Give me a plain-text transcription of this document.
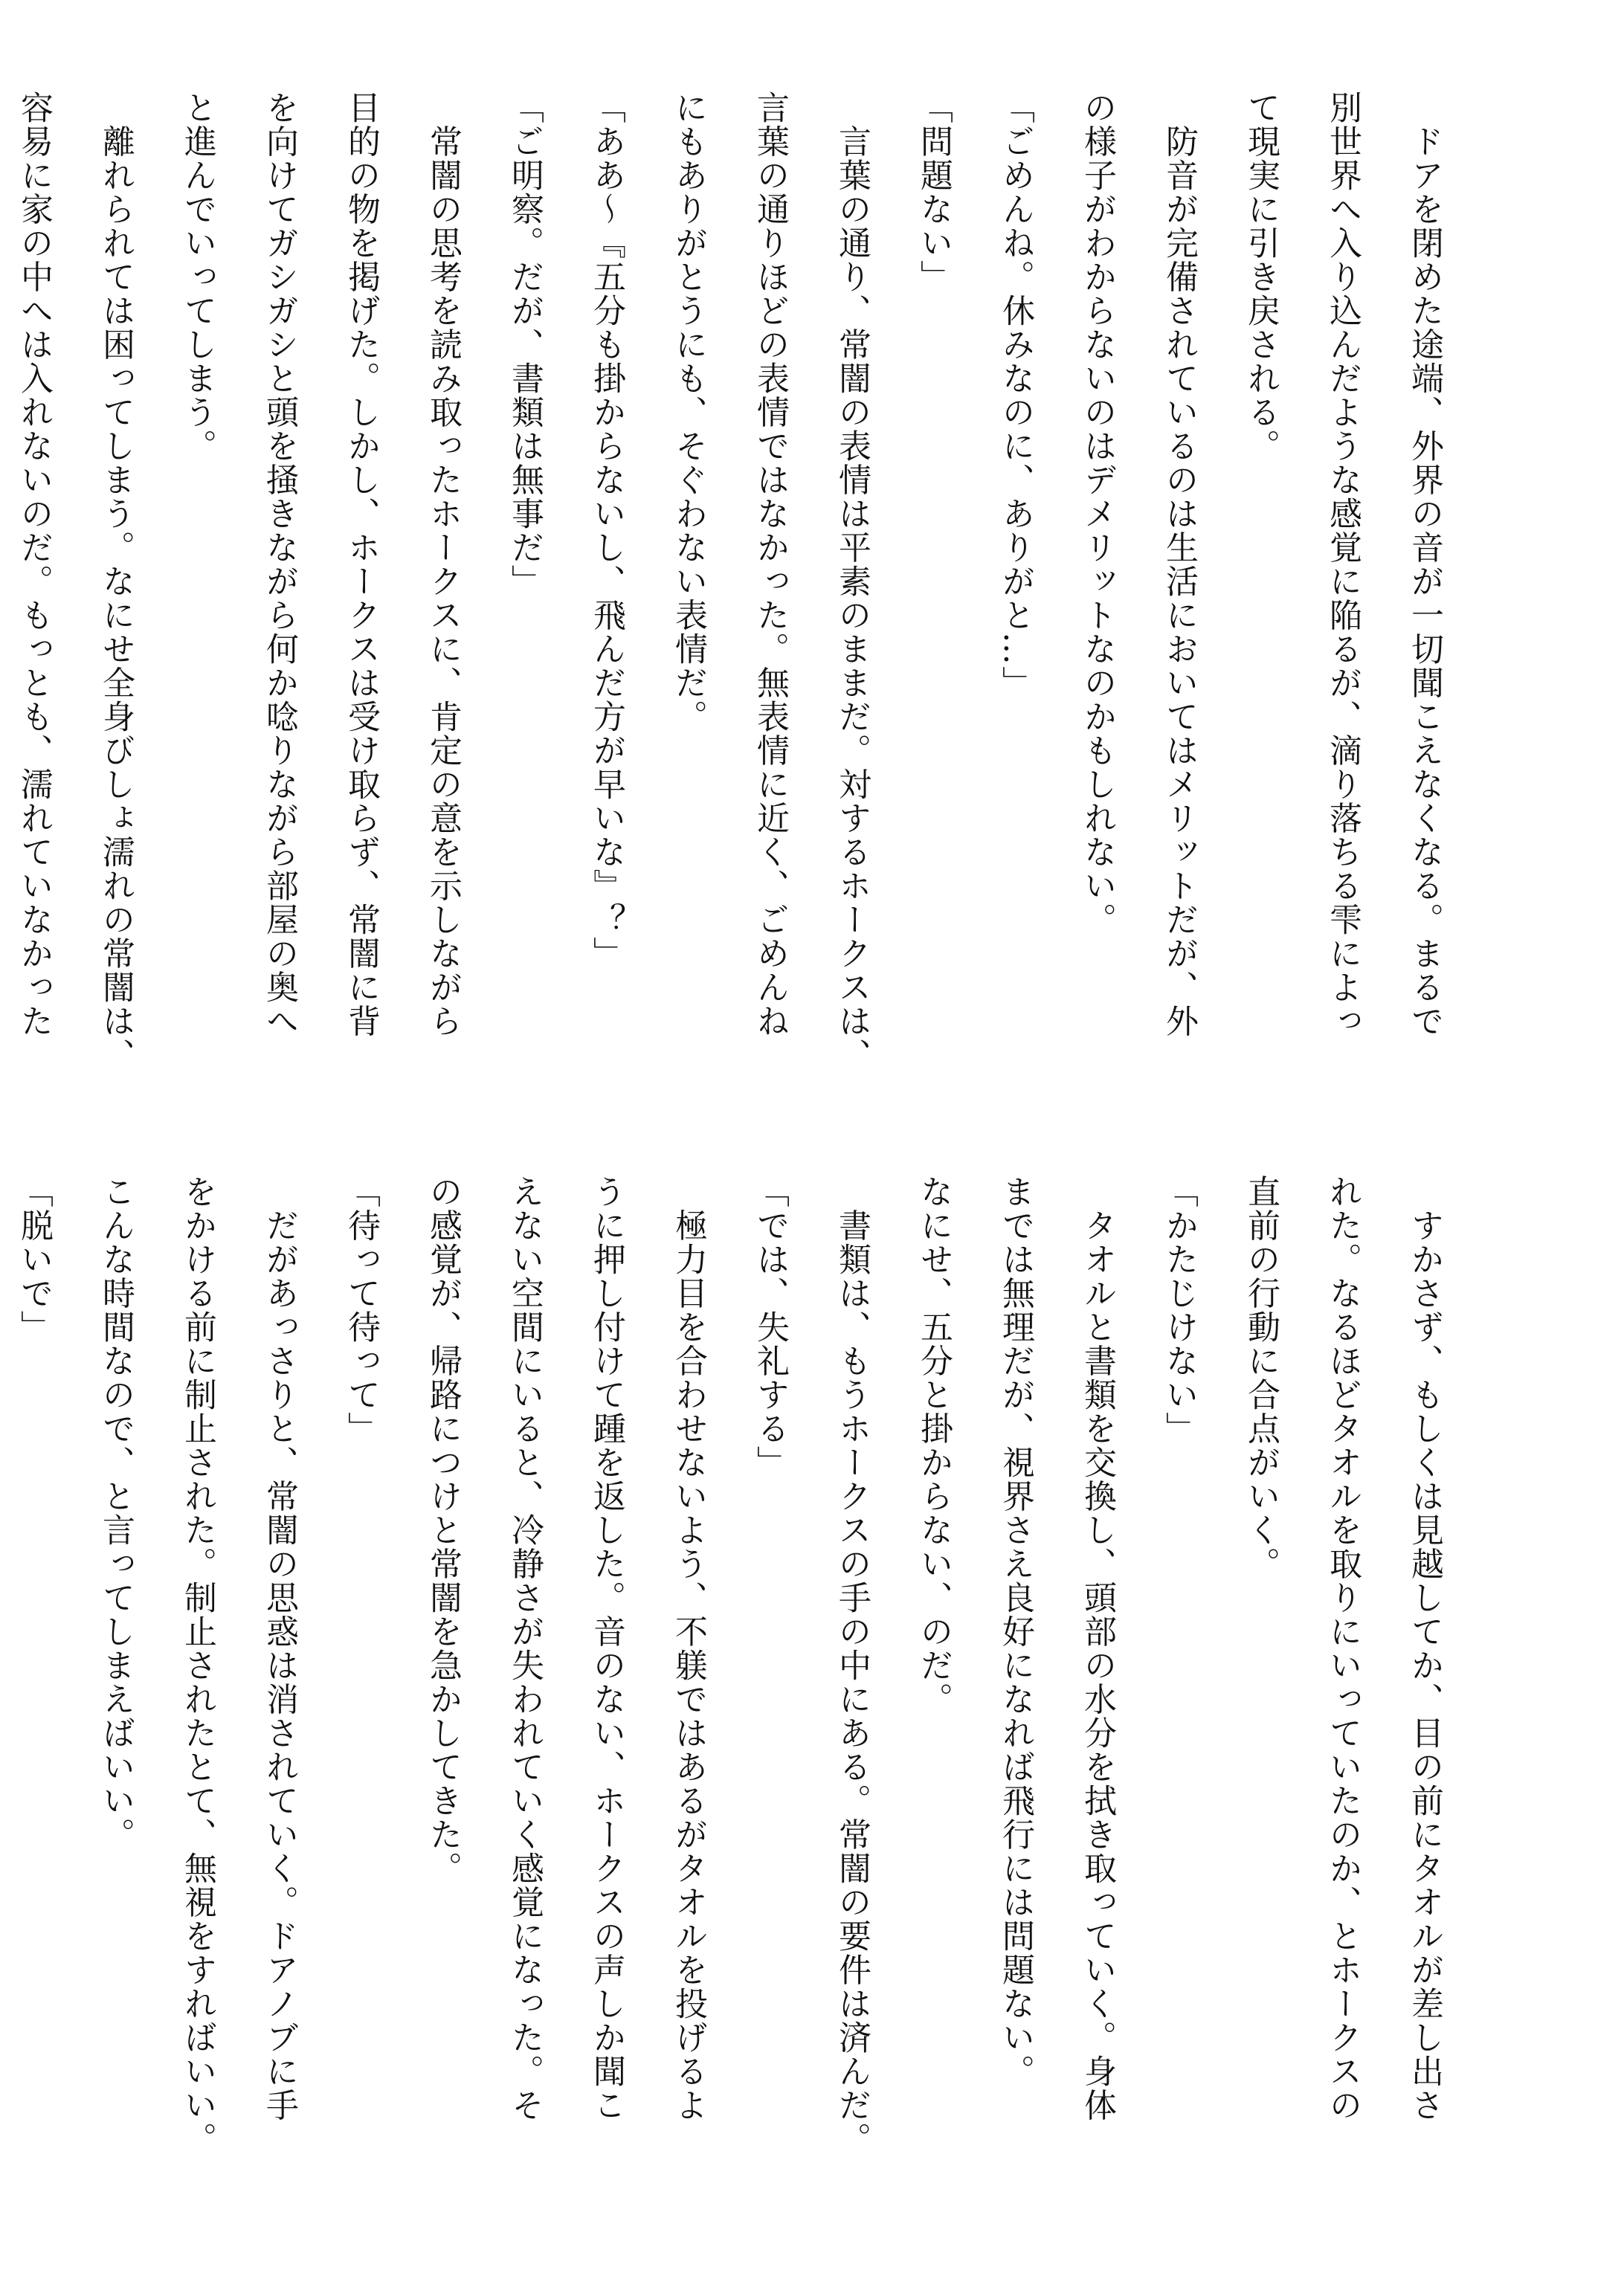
　ドアを閉めた途端、外界の音が一切聞こえなくなる。まるで
別世界へ入り込んだような感覚に陥るが、滴り落ちる雫によっ
て現実に引き戻される。
　防音が完備されているのは生活においてはメリットだが、外
の様子がわからないのはデメリットなのかもしれない。
「ごめんね。休みなのに、ありがと…」
「問題ない」
　言葉の通り、常闇の表情は平素のままだ。対するホークスは、
言葉の通りほどの表情ではなかった。無表情に近く、ごめんね
にもありがとうにも、そぐわない表情だ。
「ああ〜『五分も掛からないし、飛んだ方が早いな』？」
「ご明察。だが、書類は無事だ」
　常闇の思考を読み取ったホークスに、肯定の意を示しながら
目的の物を掲げた。しかし、ホークスは受け取らず、常闇に背
を向けてガシガシと頭を掻きながら何か唸りながら部屋の奥へ
と進んでいってしまう。
　離れられては困ってしまう。なにせ全身びしょ濡れの常闇は、
容易に家の中へは入れないのだ。もっとも、濡れていなかった
　すかさず、もしくは見越してか、目の前にタオルが差し出さ
れた。なるほどタオルを取りにいっていたのか、とホークスの
直前の行動に合点がいく。
「かたじけない」
　タオルと書類を交換し、頭部の水分を拭き取っていく。身体
までは無理だが、視界さえ良好になれば飛行には問題ない。
なにせ、五分と掛からない、のだ。
　書類は、もうホークスの手の中にある。常闇の要件は済んだ。
「では、失礼する」
　極力目を合わせないよう、不躾ではあるがタオルを投げるよ
うに押し付けて踵を返した。音のない、ホークスの声しか聞こ
えない空間にいると、冷静さが失われていく感覚になった。そ
の感覚が、帰路につけと常闇を急かしてきた。
「待って待って」
　だがあっさりと、常闇の思惑は消されていく。ドアノブに手
をかける前に制止された。制止されたとて、無視をすればいい。
こんな時間なので、と言ってしまえばいい。
「脱いで」
